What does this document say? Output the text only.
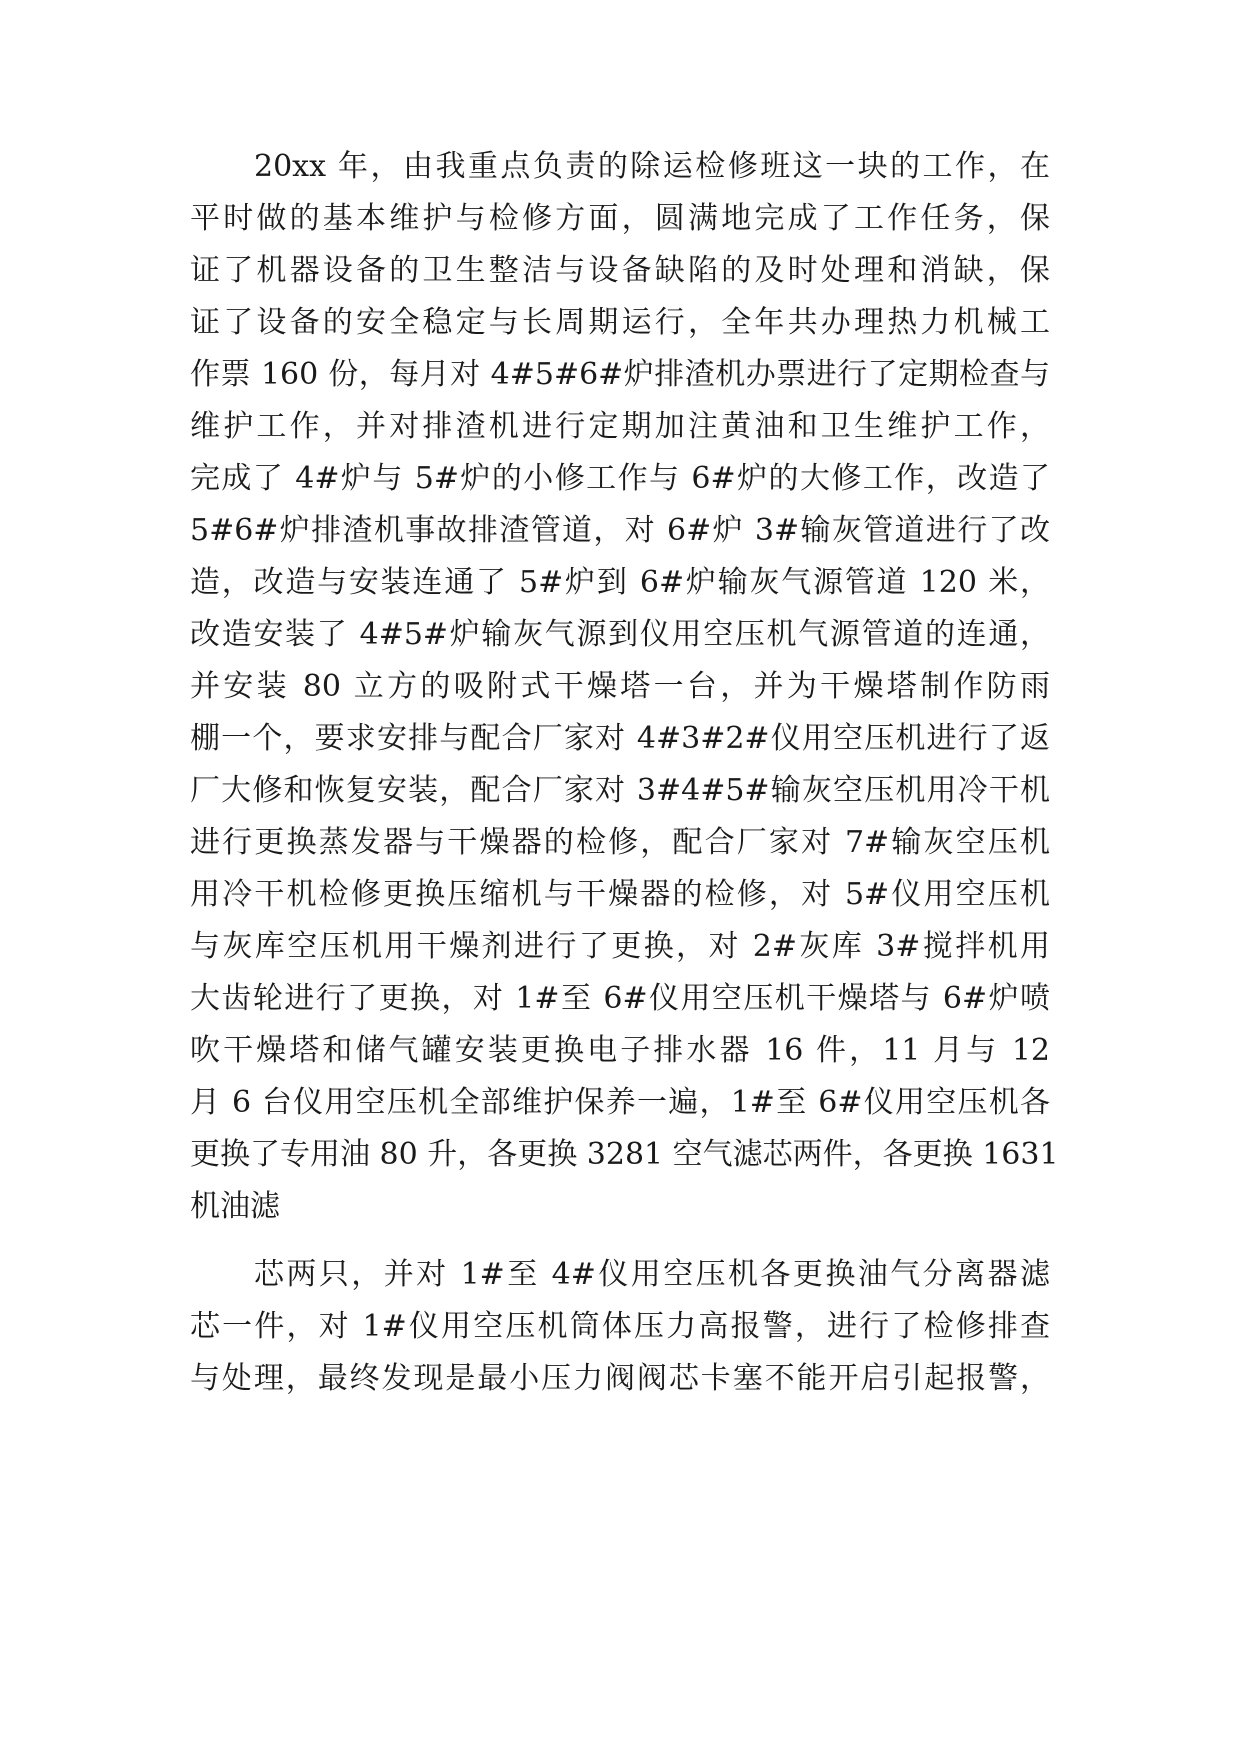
20xx 年，由我重点负责的除运检修班这一块的工作，在
平时做的基本维护与检修方面，圆满地完成了工作任务，保
证了机器设备的卫生整洁与设备缺陷的及时处理和消缺，保
证了设备的安全稳定与长周期运行，全年共办理热力机械工
作票 160 份，每月对 4#5#6#炉排渣机办票进行了定期检查与
维护工作，并对排渣机进行定期加注黄油和卫生维护工作，
完成了 4#炉与 5#炉的小修工作与 6#炉的大修工作，改造了
5#6#炉排渣机事故排渣管道，对 6#炉 3#输灰管道进行了改
造，改造与安装连通了 5#炉到 6#炉输灰气源管道 120 米，
改造安装了 4#5#炉输灰气源到仪用空压机气源管道的连通，
并安装 80 立方的吸附式干燥塔一台，并为干燥塔制作防雨
棚一个，要求安排与配合厂家对 4#3#2#仪用空压机进行了返
厂大修和恢复安装，配合厂家对 3#4#5#输灰空压机用冷干机
进行更换蒸发器与干燥器的检修，配合厂家对 7#输灰空压机
用冷干机检修更换压缩机与干燥器的检修，对 5#仪用空压机
与灰库空压机用干燥剂进行了更换，对 2#灰库 3#搅拌机用
大齿轮进行了更换，对 1#至 6#仪用空压机干燥塔与 6#炉喷
吹干燥塔和储气罐安装更换电子排水器 16 件，11 月与 12
月 6 台仪用空压机全部维护保养一遍，1#至 6#仪用空压机各
更换了专用油 80 升，各更换 3281 空气滤芯两件，各更换 1631
机油滤
芯两只，并对 1#至 4#仪用空压机各更换油气分离器滤
芯一件，对 1#仪用空压机筒体压力高报警，进行了检修排查
与处理，最终发现是最小压力阀阀芯卡塞不能开启引起报警，
